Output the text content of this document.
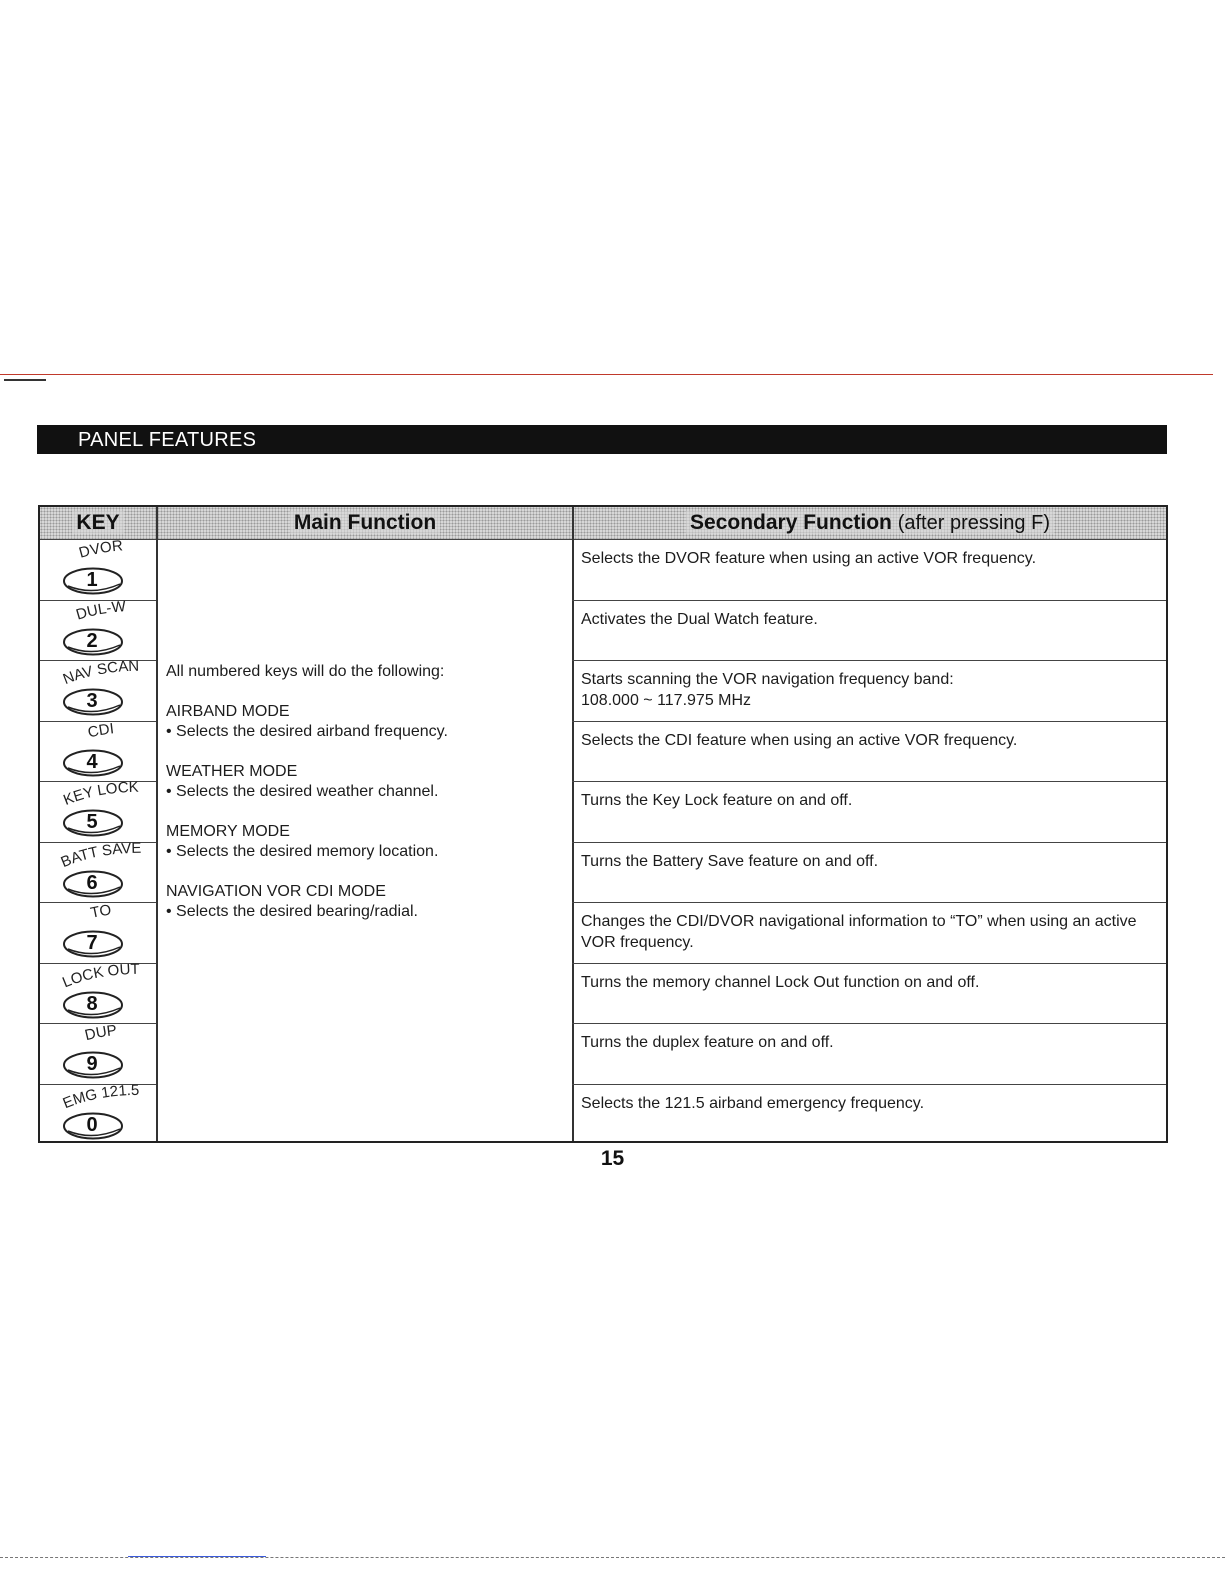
PANEL FEATURES
KEY	Main Function	Secondary Function (after pressing F)
DVOR
1
DUL-W
2
NAV SCAN
3
CDI
4
KEY LOCK
5
BATT SAVE
6
TO
7
LOCK OUT
8
DUP
9
EMG 121.5
0

All numbered keys will do the following:

AIRBAND MODE

• Selects the desired airband frequency.

WEATHER MODE

• Selects the desired weather channel.

MEMORY MODE

• Selects the desired memory location.

NAVIGATION VOR CDI MODE

• Selects the desired bearing/radial.

Selects the DVOR feature when using an active VOR frequency.
Activates the Dual Watch feature.
Starts scanning the VOR navigation frequency band:
108.000 ~ 117.975 MHz
Selects the CDI feature when using an active VOR frequency.
Turns the Key Lock feature on and off.
Turns the Battery Save feature on and off.
Changes the CDI/DVOR navigational information to “TO” when using an active VOR frequency.
Turns the memory channel Lock Out function on and off.
Turns the duplex feature on and off.
Selects the 121.5 airband emergency frequency.
15
